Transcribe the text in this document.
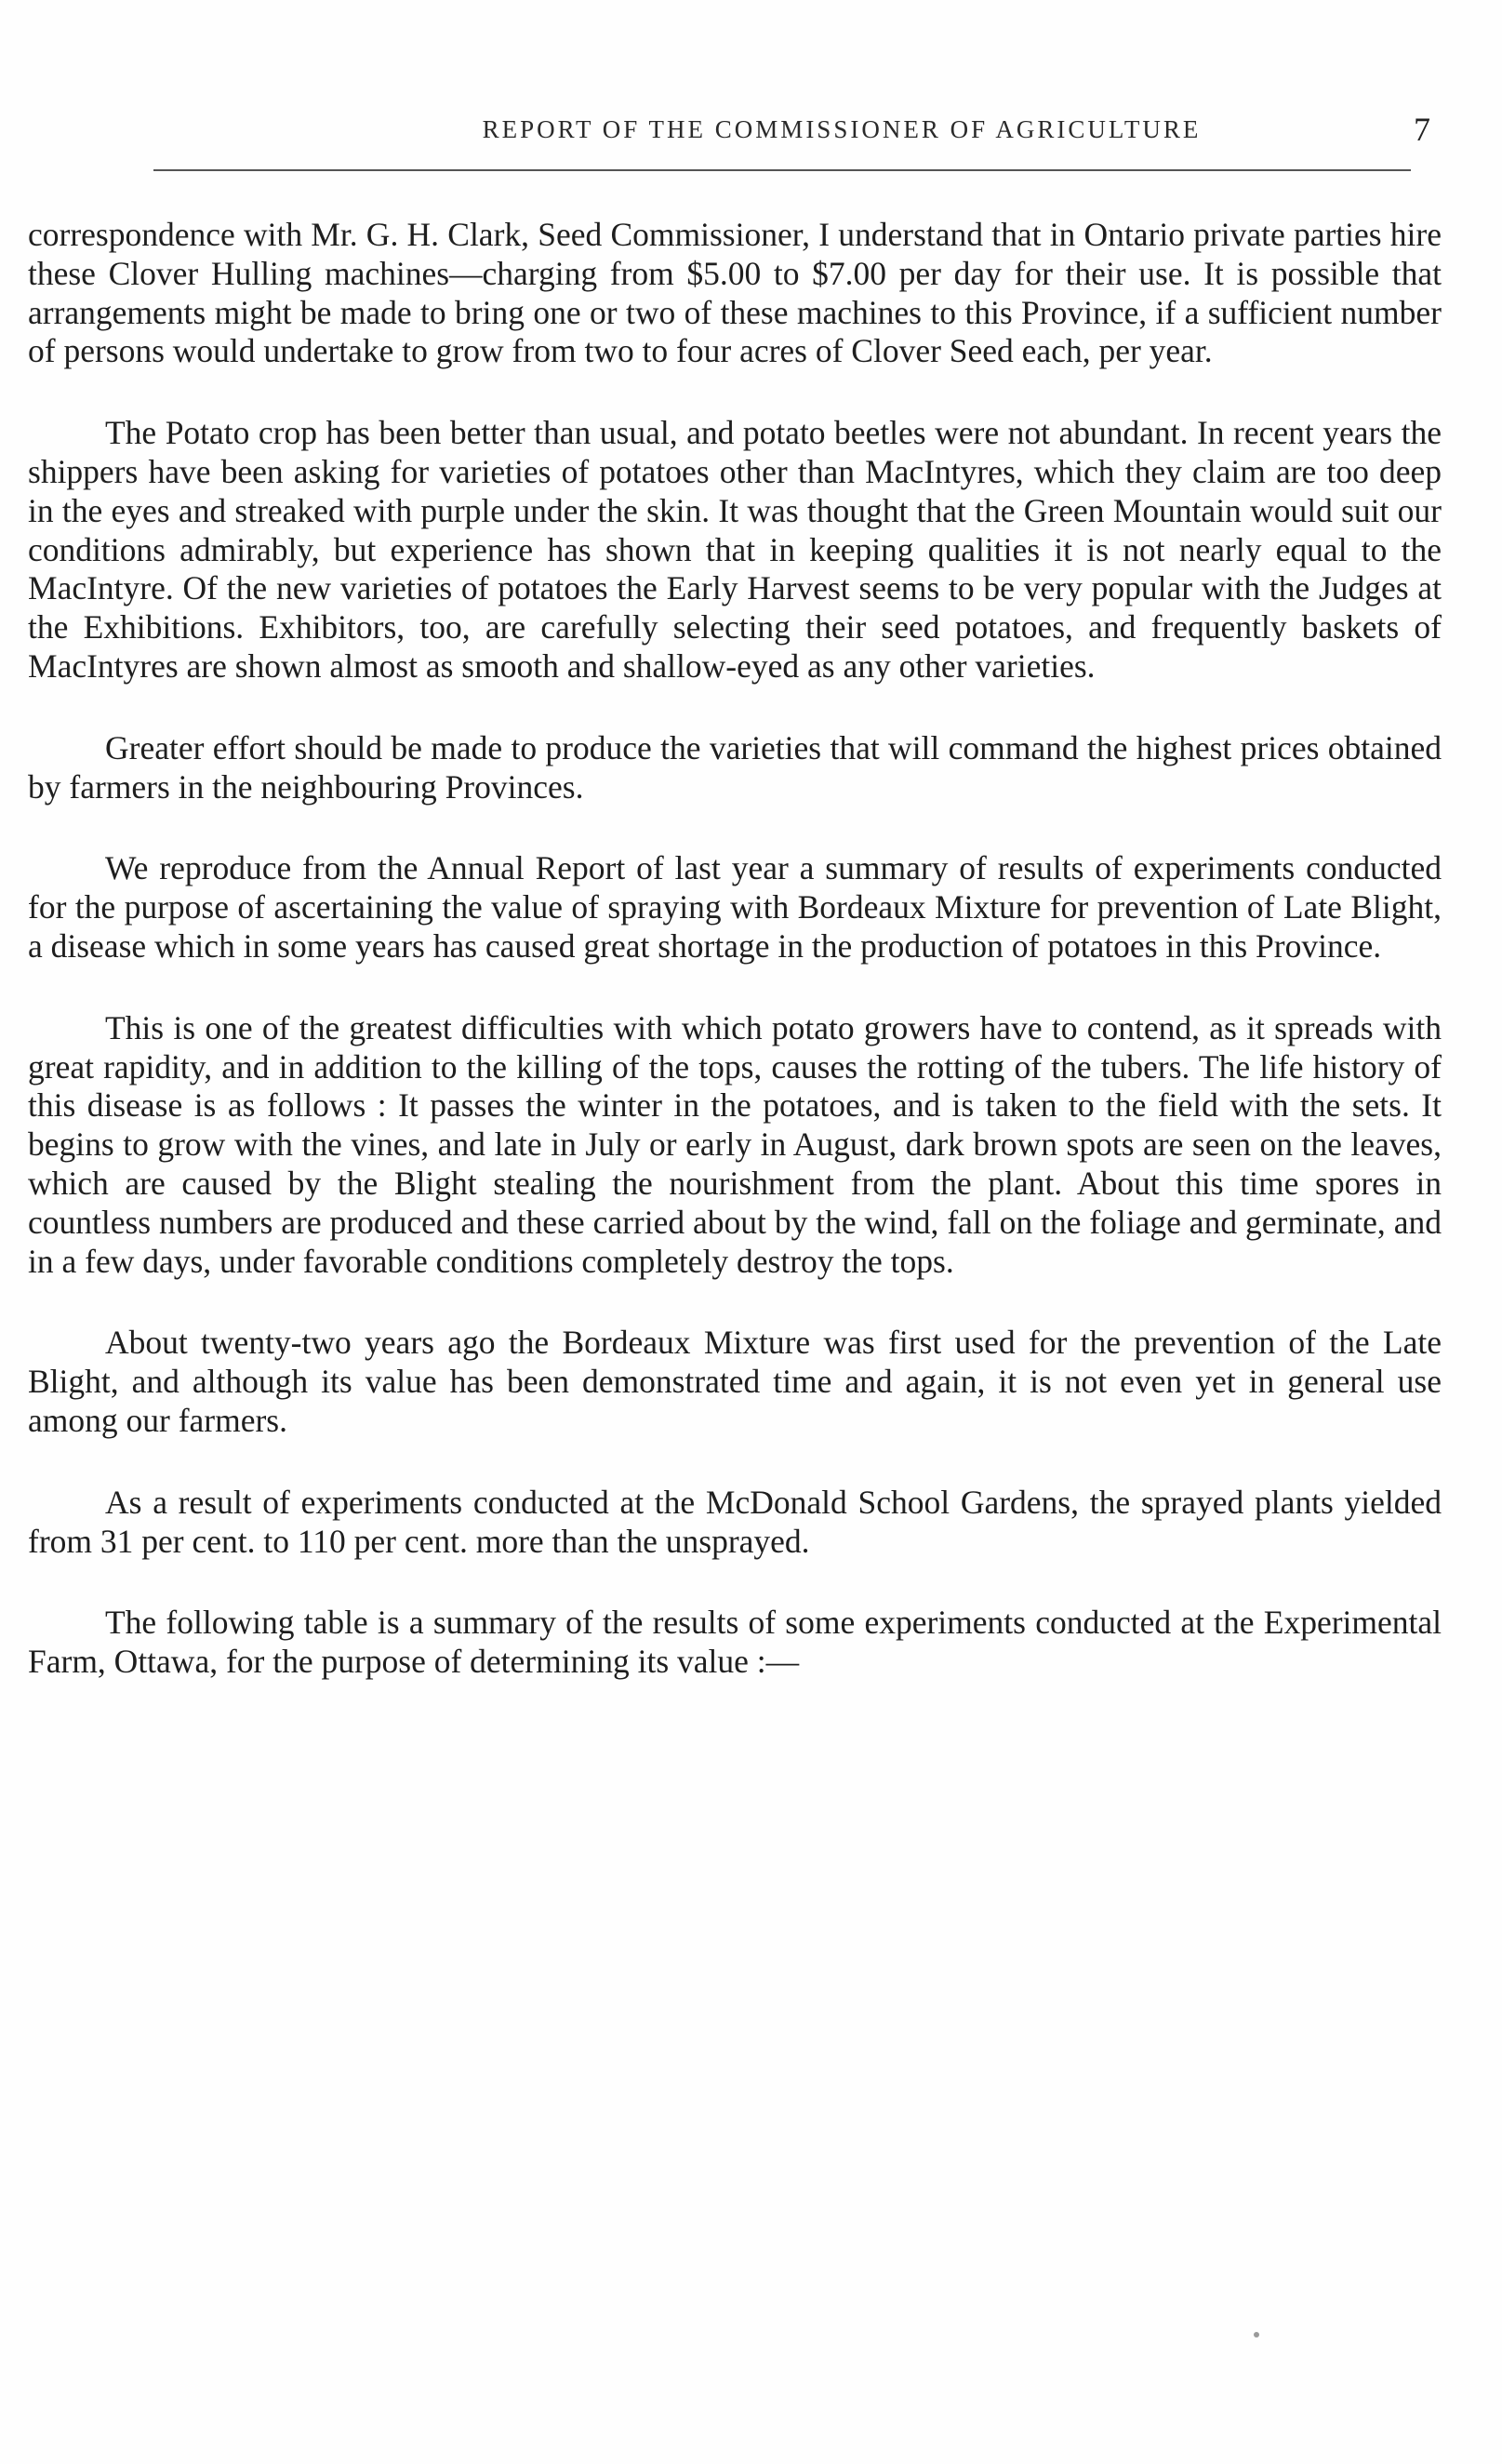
REPORT OF THE COMMISSIONER OF AGRICULTURE	7

correspondence with Mr. G. H. Clark, Seed Commissioner, I understand that in Ontario private parties hire these Clover Hulling machines—charging from $5.00 to $7.00 per day for their use. It is possible that arrangements might be made to bring one or two of these machines to this Province, if a sufficient number of persons would undertake to grow from two to four acres of Clover Seed each, per year.

The Potato crop has been better than usual, and potato beetles were not abundant. In recent years the shippers have been asking for varieties of potatoes other than MacIntyres, which they claim are too deep in the eyes and streaked with purple under the skin. It was thought that the Green Mountain would suit our conditions admirably, but experience has shown that in keeping qualities it is not nearly equal to the MacIntyre. Of the new varieties of potatoes the Early Harvest seems to be very popular with the Judges at the Exhibitions. Exhibitors, too, are carefully selecting their seed potatoes, and frequently baskets of MacIntyres are shown almost as smooth and shallow-eyed as any other varieties.

Greater effort should be made to produce the varieties that will command the highest prices obtained by farmers in the neighbouring Provinces.

We reproduce from the Annual Report of last year a summary of results of experiments conducted for the purpose of ascertaining the value of spraying with Bordeaux Mixture for prevention of Late Blight, a disease which in some years has caused great shortage in the production of potatoes in this Province.

This is one of the greatest difficulties with which potato growers have to contend, as it spreads with great rapidity, and in addition to the killing of the tops, causes the rotting of the tubers. The life history of this disease is as follows : It passes the winter in the potatoes, and is taken to the field with the sets. It begins to grow with the vines, and late in July or early in August, dark brown spots are seen on the leaves, which are caused by the Blight stealing the nourishment from the plant. About this time spores in countless numbers are produced and these carried about by the wind, fall on the foliage and germinate, and in a few days, under favorable conditions completely destroy the tops.

About twenty-two years ago the Bordeaux Mixture was first used for the prevention of the Late Blight, and although its value has been demonstrated time and again, it is not even yet in general use among our farmers.

As a result of experiments conducted at the McDonald School Gardens, the sprayed plants yielded from 31 per cent. to 110 per cent. more than the unsprayed.

The following table is a summary of the results of some experiments conducted at the Experimental Farm, Ottawa, for the purpose of determining its value :—
